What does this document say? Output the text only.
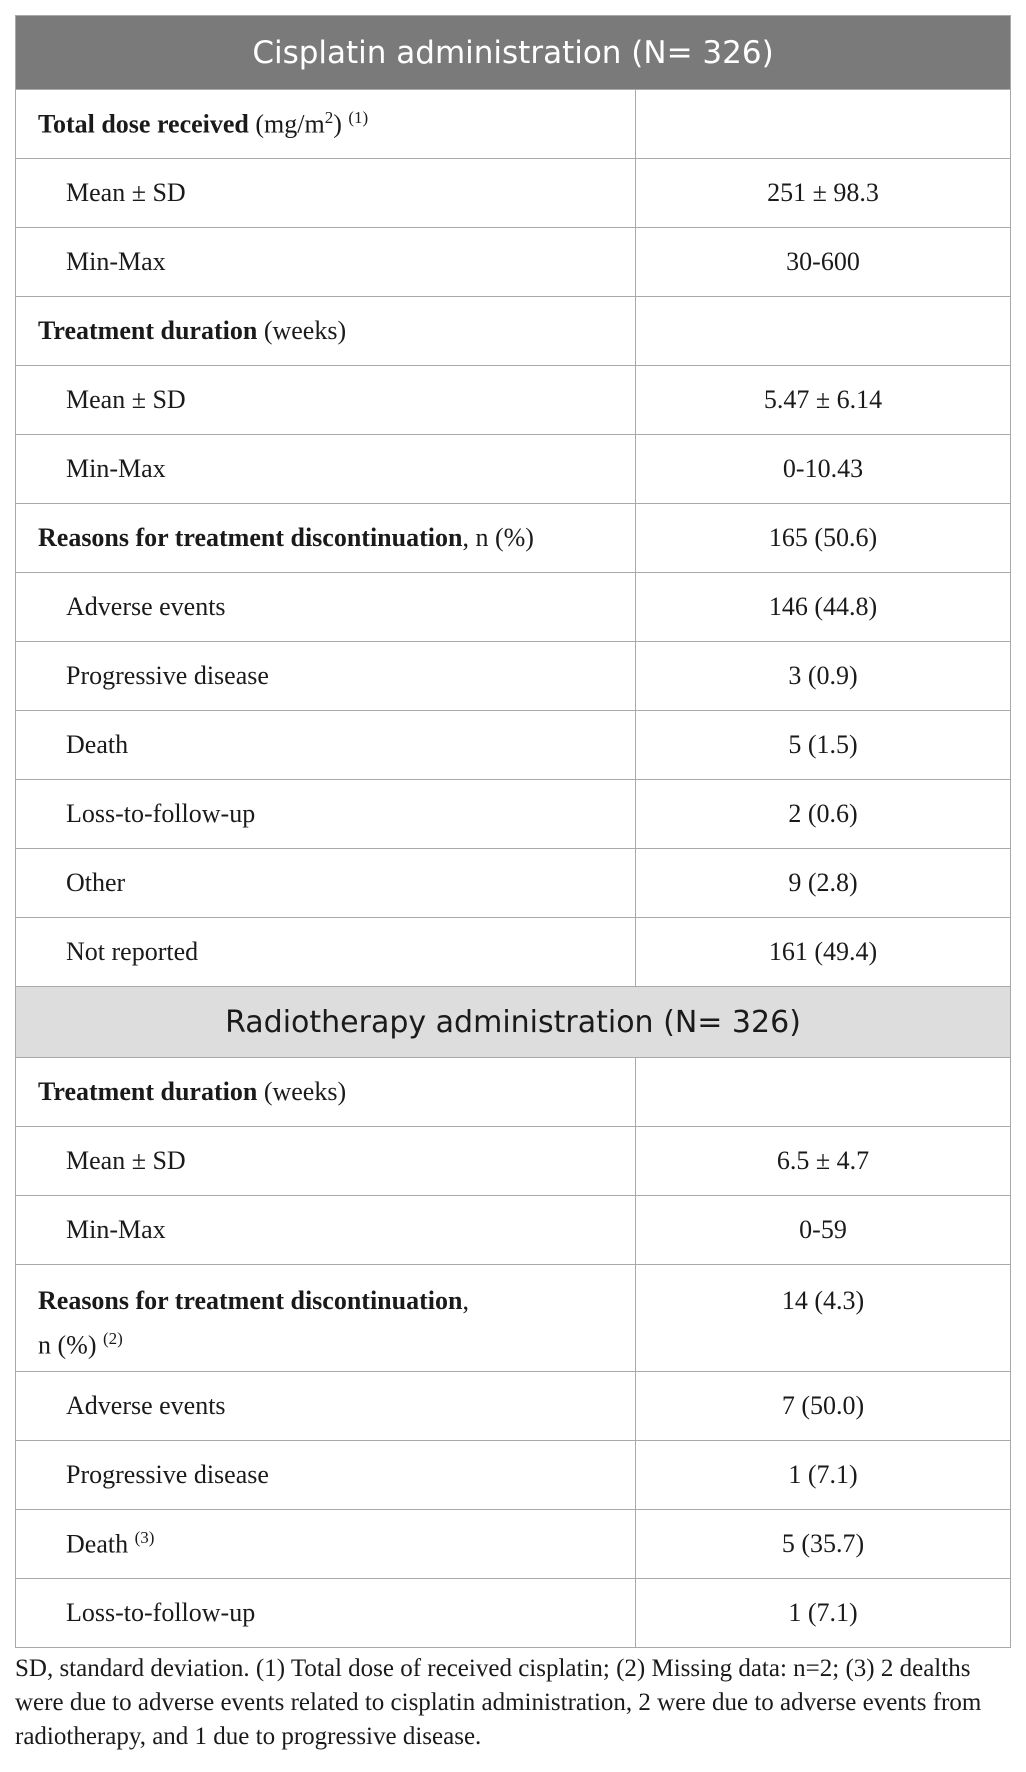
Cisplatin administration (N= 326)	
Total dose received $(mg/m^2)$ $^{(1)}$	
Mean ± SD	251 ± 98.3
Min-Max	30-600
Treatment duration (weeks)	
Mean ± SD	5.47 ± 6.14
Min-Max	0-10.43
Reasons for treatment discontinuation, n (%)	165 (50.6)
Adverse events	146 (44.8)
Progressive disease	3 (0.9)
Death	5 (1.5)
Loss-to-follow-up	2 (0.6)
Other	9 (2.8)
Not reported	161 (49.4)
Radiotherapy administration (N= 326)	
Treatment duration (weeks)	
Mean ± SD	6.5 ± 4.7
Min-Max	0-59

Reasons for treatment discontinuation,
n (%) $^{(2)}$	14 (4.3)

Adverse events	7 (50.0)
Progressive disease	1 (7.1)
Death $^{(3)}$	5 (35.7)
Loss-to-follow-up	1 (7.1)
SD, standard deviation. (1) Total dose of received cisplatin; (2) Missing data: n=2; (3) 2 dealths were due to adverse events related to cisplatin administration, 2 were due to adverse events from radiotherapy, and 1 due to progressive disease.
